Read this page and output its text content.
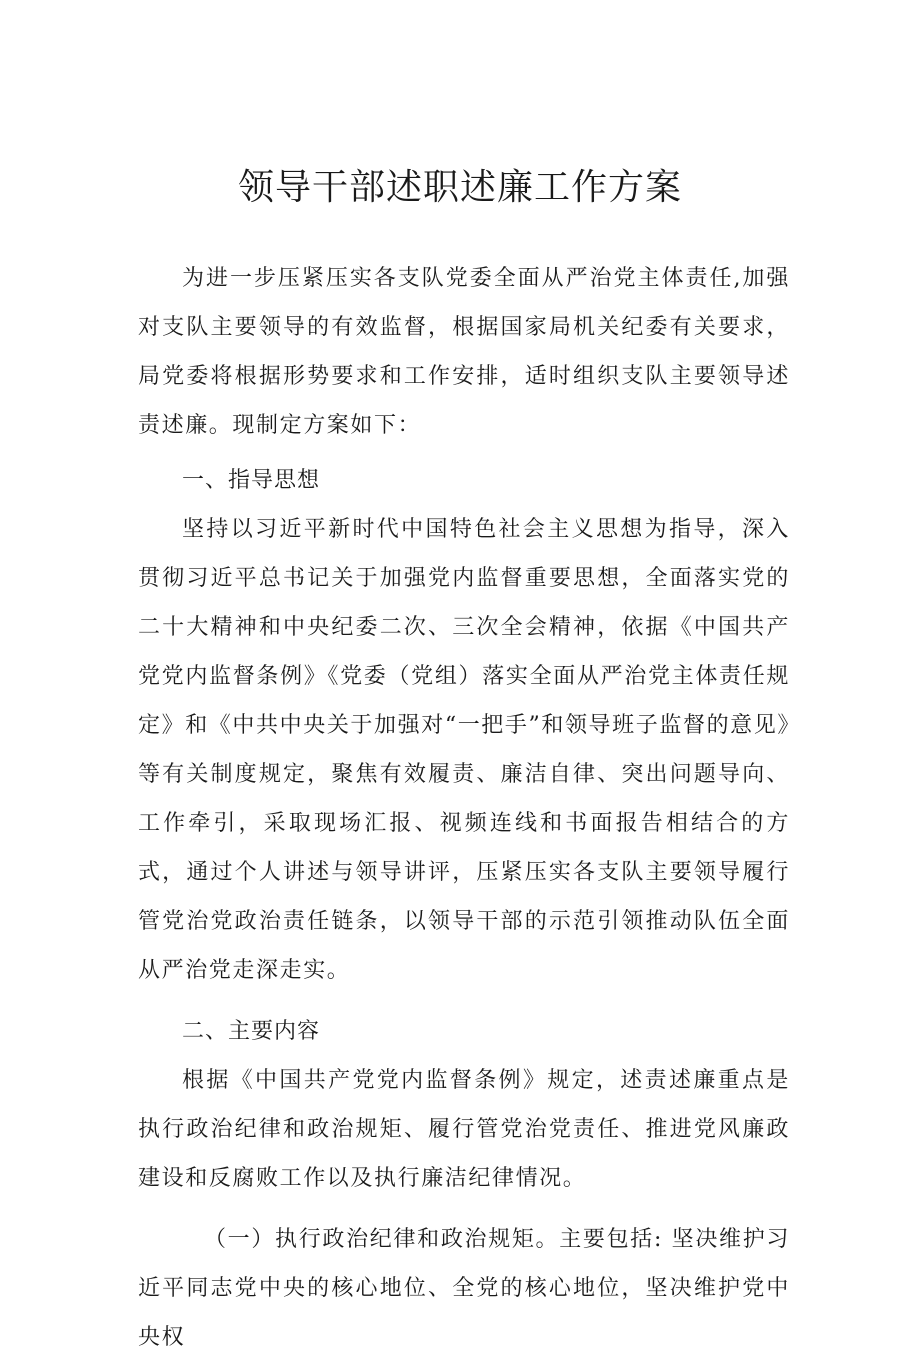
领导干部述职述廉工作方案

为进一步压紧压实各支队党委全面从严治党主体责任,加强对支队主要领导的有效监督，根据国家局机关纪委有关要求，局党委将根据形势要求和工作安排，适时组织支队主要领导述责述廉。现制定方案如下：

一、指导思想

坚持以习近平新时代中国特色社会主义思想为指导，深入贯彻习近平总书记关于加强党内监督重要思想，全面落实党的二十大精神和中央纪委二次、三次全会精神，依据《中国共产党党内监督条例》《党委（党组）落实全面从严治党主体责任规定》和《中共中央关于加强对“一把手”和领导班子监督的意见》等有关制度规定，聚焦有效履责、廉洁自律、突出问题导向、工作牵引，采取现场汇报、视频连线和书面报告相结合的方式，通过个人讲述与领导讲评，压紧压实各支队主要领导履行管党治党政治责任链条，以领导干部的示范引领推动队伍全面从严治党走深走实。

二、主要内容

根据《中国共产党党内监督条例》规定，述责述廉重点是执行政治纪律和政治规矩、履行管党治党责任、推进党风廉政建设和反腐败工作以及执行廉洁纪律情况。

（一）执行政治纪律和政治规矩。主要包括: 坚决维护习近平同志党中央的核心地位、全党的核心地位，坚决维护党中央权
